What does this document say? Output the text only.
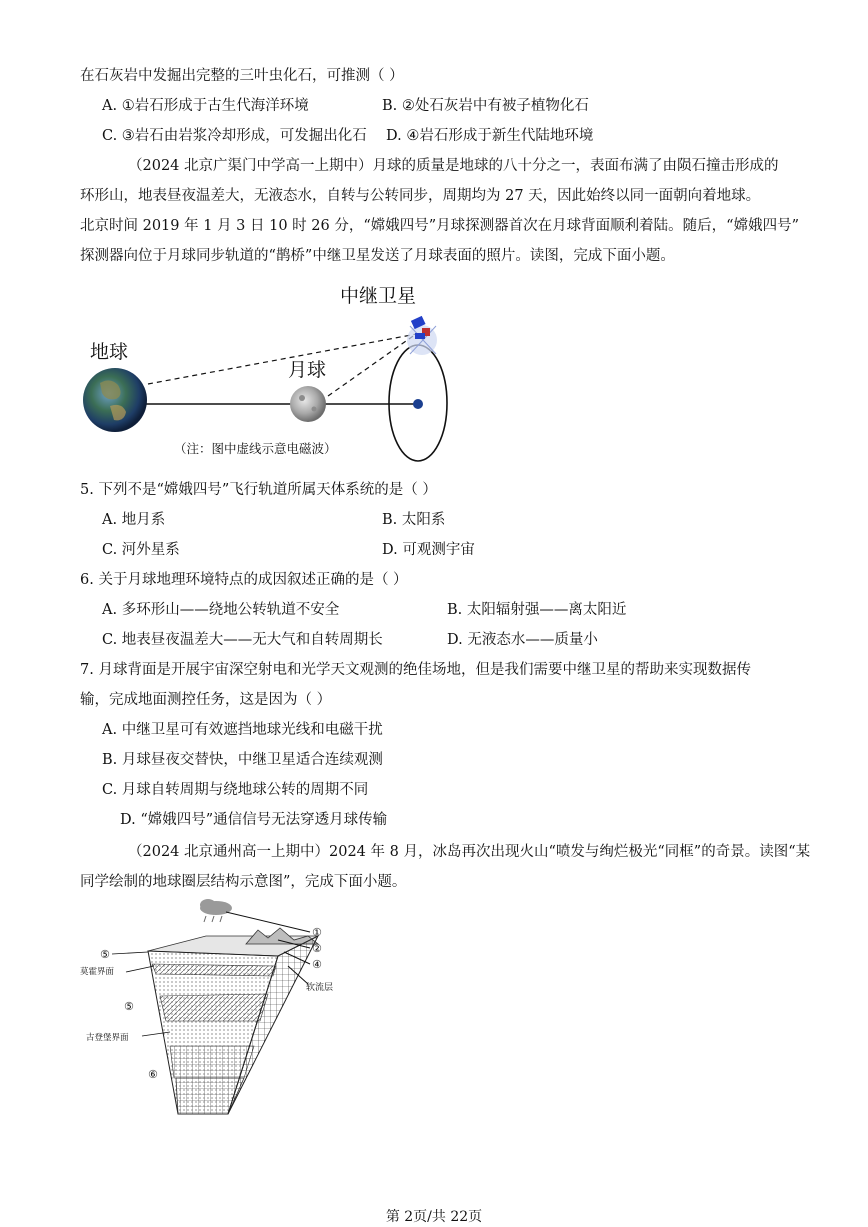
在石灰岩中发掘出完整的三叶虫化石，可推测（ ）
A. ①岩石形成于古生代海洋环境	B. ②处石灰岩中有被子植物化石
C. ③岩石由岩浆冷却形成，可发掘出化石 D. ④岩石形成于新生代陆地环境
（2024 北京广渠门中学高一上期中）月球的质量是地球的八十分之一，表面布满了由陨石撞击形成的
环形山，地表昼夜温差大，无液态水，自转与公转同步，周期均为 27 天，因此始终以同一面朝向着地球。
北京时间 2019 年 1 月 3 日 10 时 26 分，“嫦娥四号”月球探测器首次在月球背面顺利着陆。随后，“嫦娥四号”
探测器向位于月球同步轨道的“鹊桥”中继卫星发送了月球表面的照片。读图，完成下面小题。
中继卫星
地球
月球
（注：图中虚线示意电磁波）
5. 下列不是“嫦娥四号”飞行轨道所属天体系统的是（ ）
A. 地月系	B. 太阳系
C. 河外星系	D. 可观测宇宙
6. 关于月球地理环境特点的成因叙述正确的是（ ）
A. 多环形山——绕地公转轨道不安全	B. 太阳辐射强——离太阳近
C. 地表昼夜温差大——无大气和自转周期长	D. 无液态水——质量小
7. 月球背面是开展宇宙深空射电和光学天文观测的绝佳场地，但是我们需要中继卫星的帮助来实现数据传
输，完成地面测控任务，这是因为（ ）
A. 中继卫星可有效遮挡地球光线和电磁干扰
B. 月球昼夜交替快，中继卫星适合连续观测
C. 月球自转周期与绕地球公转的周期不同
D. “嫦娥四号”通信信号无法穿透月球传输
（2024 北京通州高一上期中）2024 年 8 月，冰岛再次出现火山“喷发与绚烂极光“同框”的奇景。读图“某
同学绘制的地球圈层结构示意图”，完成下面小题。
①
②
④
⑤
⑤
⑥
莫霍界面
古登堡界面
软流层
第 2页/共 22页
